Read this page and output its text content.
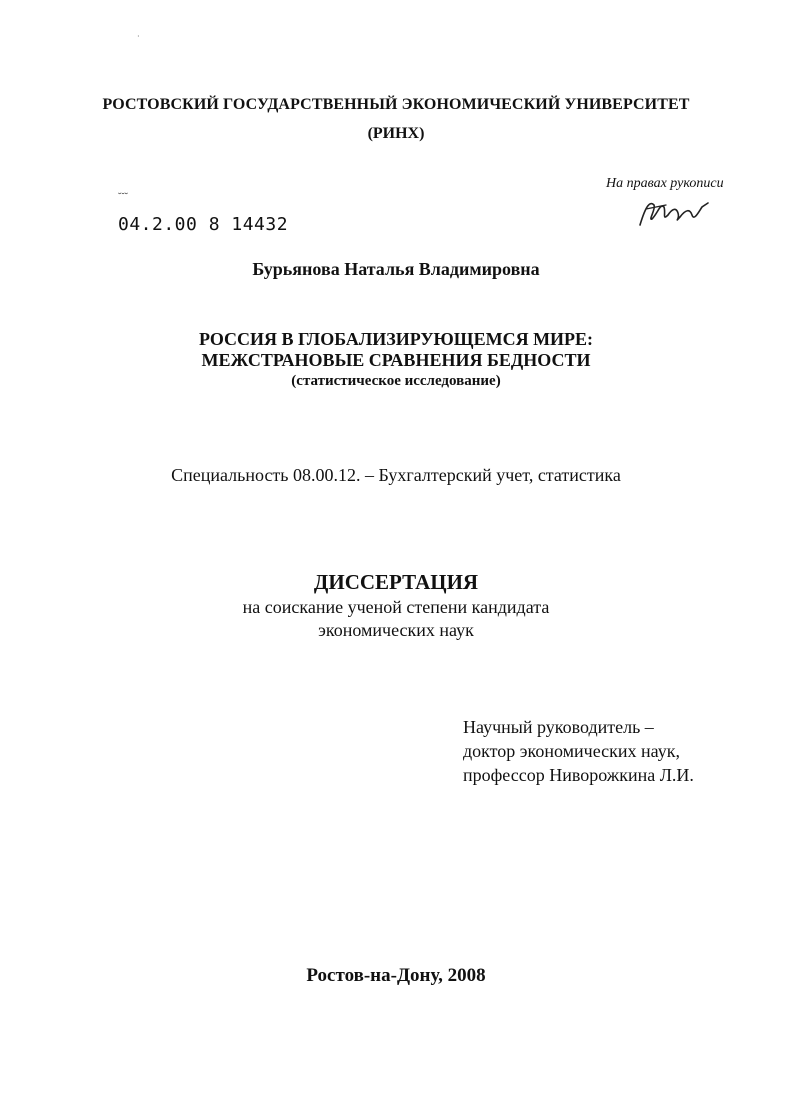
·
РОСТОВСКИЙ ГОСУДАРСТВЕННЫЙ ЭКОНОМИЧЕСКИЙ УНИВЕРСИТЕТ
(РИНХ)
На правах рукописи
˘˘˘
04.2.00 8 14432
Бурьянова Наталья Владимировна
РОССИЯ В ГЛОБАЛИЗИРУЮЩЕМСЯ МИРЕ:
МЕЖСТРАНОВЫЕ СРАВНЕНИЯ БЕДНОСТИ
(статистическое исследование)
Специальность 08.00.12. – Бухгалтерский учет, статистика
ДИССЕРТАЦИЯ
на соискание ученой степени кандидата
экономических наук
Научный руководитель –
доктор экономических наук,
профессор Ниворожкина Л.И.
Ростов-на-Дону, 2008
